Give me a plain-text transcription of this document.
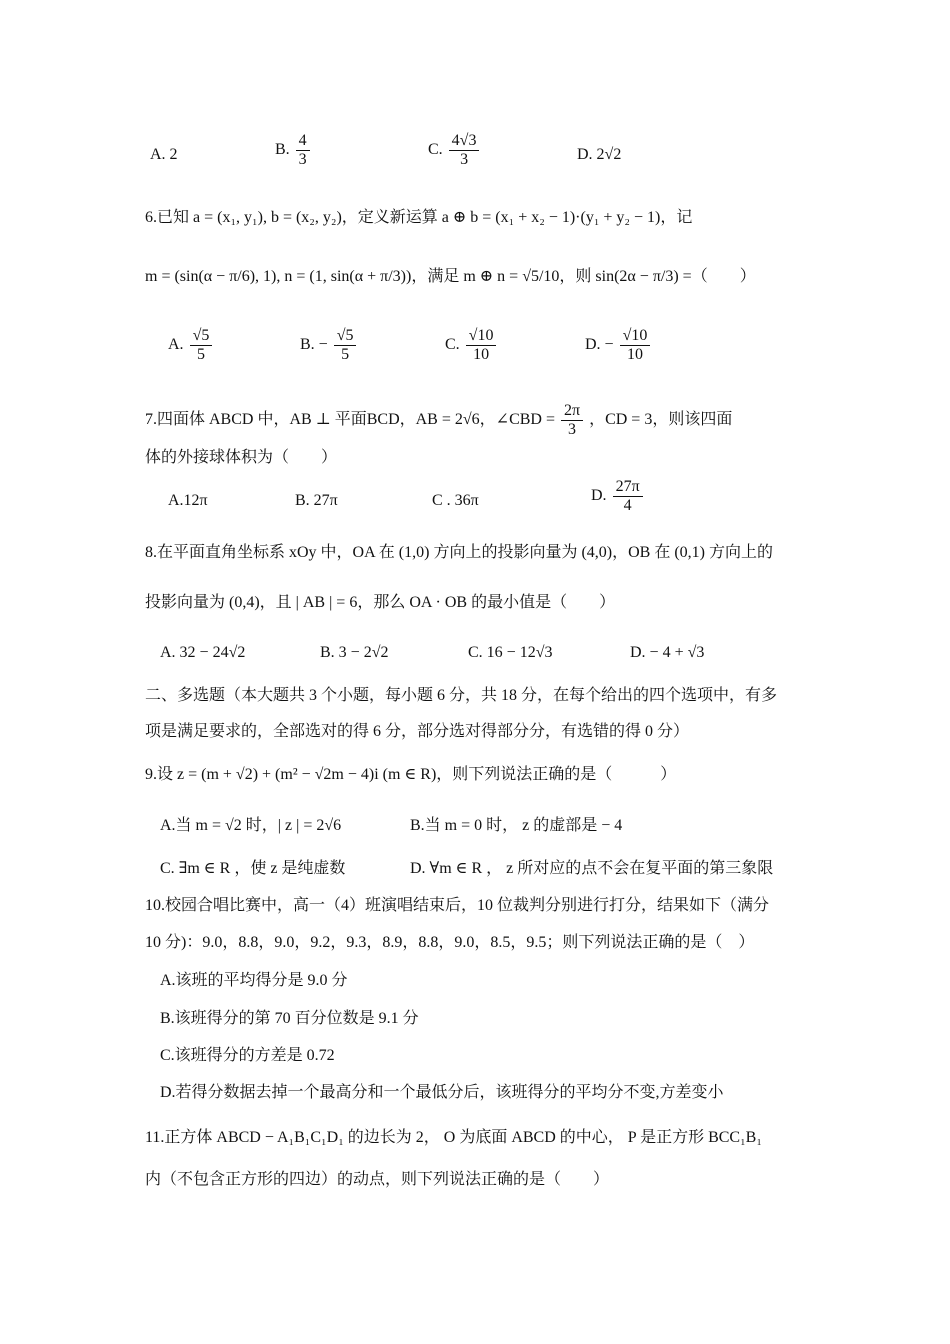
A. 2	B. $\frac{4}{3}$	C. $\frac{4√3}{3}$	D. 2√2
6.已知 a = (x₁, y₁), b = (x₂, y₂)，定义新运算 a ⊕ b = (x₁ + x₂ − 1)·(y₁ + y₂ − 1)，记
m = (sin(α − π/6), 1), n = (1, sin(α + π/3))，满足 m ⊕ n = √5/10，则 sin(2α − π/3) =（　　）
A. $\frac{√5}{5}$	B. − $\frac{√5}{5}$	C. $\frac{√10}{10}$	D. − $\frac{√10}{10}$
7.四面体 ABCD 中，AB ⊥ 平面BCD，AB = 2√6，∠CBD = $\frac{2\pi}{3}$ ，CD = 3，则该四面
体的外接球体积为（　　）
A.12π	B. 27π	C . 36π	D. $\frac{27\pi}{4}$
8.在平面直角坐标系 xOy 中，OA 在 (1,0) 方向上的投影向量为 (4,0)，OB 在 (0,1) 方向上的
投影向量为 (0,4)，且 | AB | = 6，那么 OA · OB 的最小值是（　　）
A. 32 − 24√2	B. 3 − 2√2	C. 16 − 12√3	D. − 4 + √3
二、多选题（本大题共 3 个小题，每小题 6 分，共 18 分，在每个给出的四个选项中，有多
项是满足要求的，全部选对的得 6 分，部分选对得部分分，有选错的得 0 分）
9.设 z = (m + √2) + (m² − √2m − 4)i (m ∈ R)，则下列说法正确的是（　　　）
A.当 m = √2 时，| z | = 2√6	B.当 m = 0 时， z 的虚部是 − 4
C. ∃m ∈ R ，使 z 是纯虚数	D. ∀m ∈ R ， z 所对应的点不会在复平面的第三象限
10.校园合唱比赛中，高一（4）班演唱结束后，10 位裁判分别进行打分，结果如下（满分
10 分)：9.0，8.8，9.0，9.2，9.3，8.9，8.8，9.0，8.5，9.5；则下列说法正确的是（　）
A.该班的平均得分是 9.0 分
B.该班得分的第 70 百分位数是 9.1 分
C.该班得分的方差是 0.72
D.若得分数据去掉一个最高分和一个最低分后，该班得分的平均分不变,方差变小
11.正方体 ABCD − A₁B₁C₁D₁ 的边长为 2， O 为底面 ABCD 的中心， P 是正方形 BCC₁B₁
内（不包含正方形的四边）的动点，则下列说法正确的是（　　）
